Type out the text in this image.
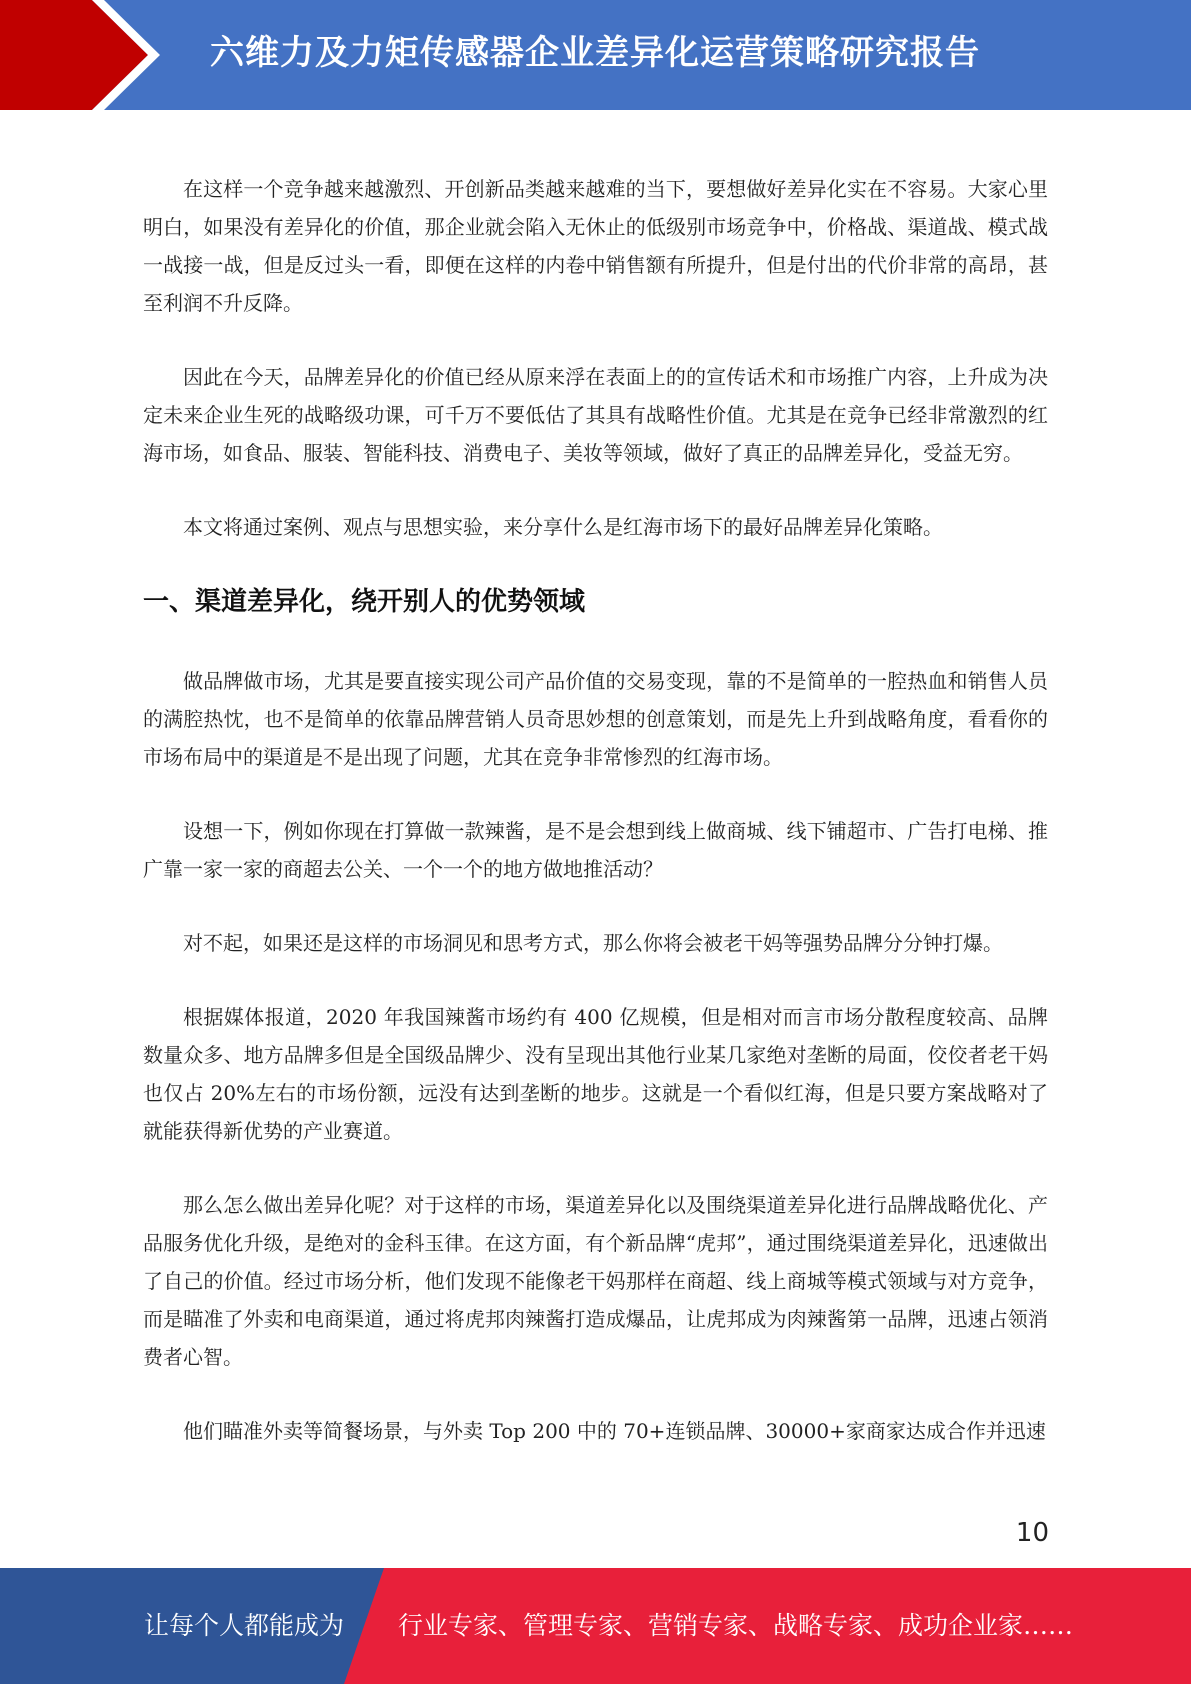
六维力及力矩传感器企业差异化运营策略研究报告

在这样一个竞争越来越激烈、开创新品类越来越难的当下，要想做好差异化实在不容易。大家心里明白，如果没有差异化的价值，那企业就会陷入无休止的低级别市场竞争中，价格战、渠道战、模式战一战接一战，但是反过头一看，即便在这样的内卷中销售额有所提升，但是付出的代价非常的高昂，甚至利润不升反降。

因此在今天，品牌差异化的价值已经从原来浮在表面上的的宣传话术和市场推广内容，上升成为决定未来企业生死的战略级功课，可千万不要低估了其具有战略性价值。尤其是在竞争已经非常激烈的红海市场，如食品、服装、智能科技、消费电子、美妆等领域，做好了真正的品牌差异化，受益无穷。

本文将通过案例、观点与思想实验，来分享什么是红海市场下的最好品牌差异化策略。

一、渠道差异化，绕开别人的优势领域

做品牌做市场，尤其是要直接实现公司产品价值的交易变现，靠的不是简单的一腔热血和销售人员的满腔热忱，也不是简单的依靠品牌营销人员奇思妙想的创意策划，而是先上升到战略角度，看看你的市场布局中的渠道是不是出现了问题，尤其在竞争非常惨烈的红海市场。

设想一下，例如你现在打算做一款辣酱，是不是会想到线上做商城、线下铺超市、广告打电梯、推广靠一家一家的商超去公关、一个一个的地方做地推活动？

对不起，如果还是这样的市场洞见和思考方式，那么你将会被老干妈等强势品牌分分钟打爆。

根据媒体报道，2020 年我国辣酱市场约有 400 亿规模，但是相对而言市场分散程度较高、品牌数量众多、地方品牌多但是全国级品牌少、没有呈现出其他行业某几家绝对垄断的局面，佼佼者老干妈也仅占 20%左右的市场份额，远没有达到垄断的地步。这就是一个看似红海，但是只要方案战略对了就能获得新优势的产业赛道。

那么怎么做出差异化呢？对于这样的市场，渠道差异化以及围绕渠道差异化进行品牌战略优化、产品服务优化升级，是绝对的金科玉律。在这方面，有个新品牌“虎邦”，通过围绕渠道差异化，迅速做出了自己的价值。经过市场分析，他们发现不能像老干妈那样在商超、线上商城等模式领域与对方竞争，而是瞄准了外卖和电商渠道，通过将虎邦肉辣酱打造成爆品，让虎邦成为肉辣酱第一品牌，迅速占领消费者心智。

他们瞄准外卖等简餐场景，与外卖 Top 200 中的 70+连锁品牌、30000+家商家达成合作并迅速

10
让每个人都能成为 行业专家、管理专家、营销专家、战略专家、成功企业家……
